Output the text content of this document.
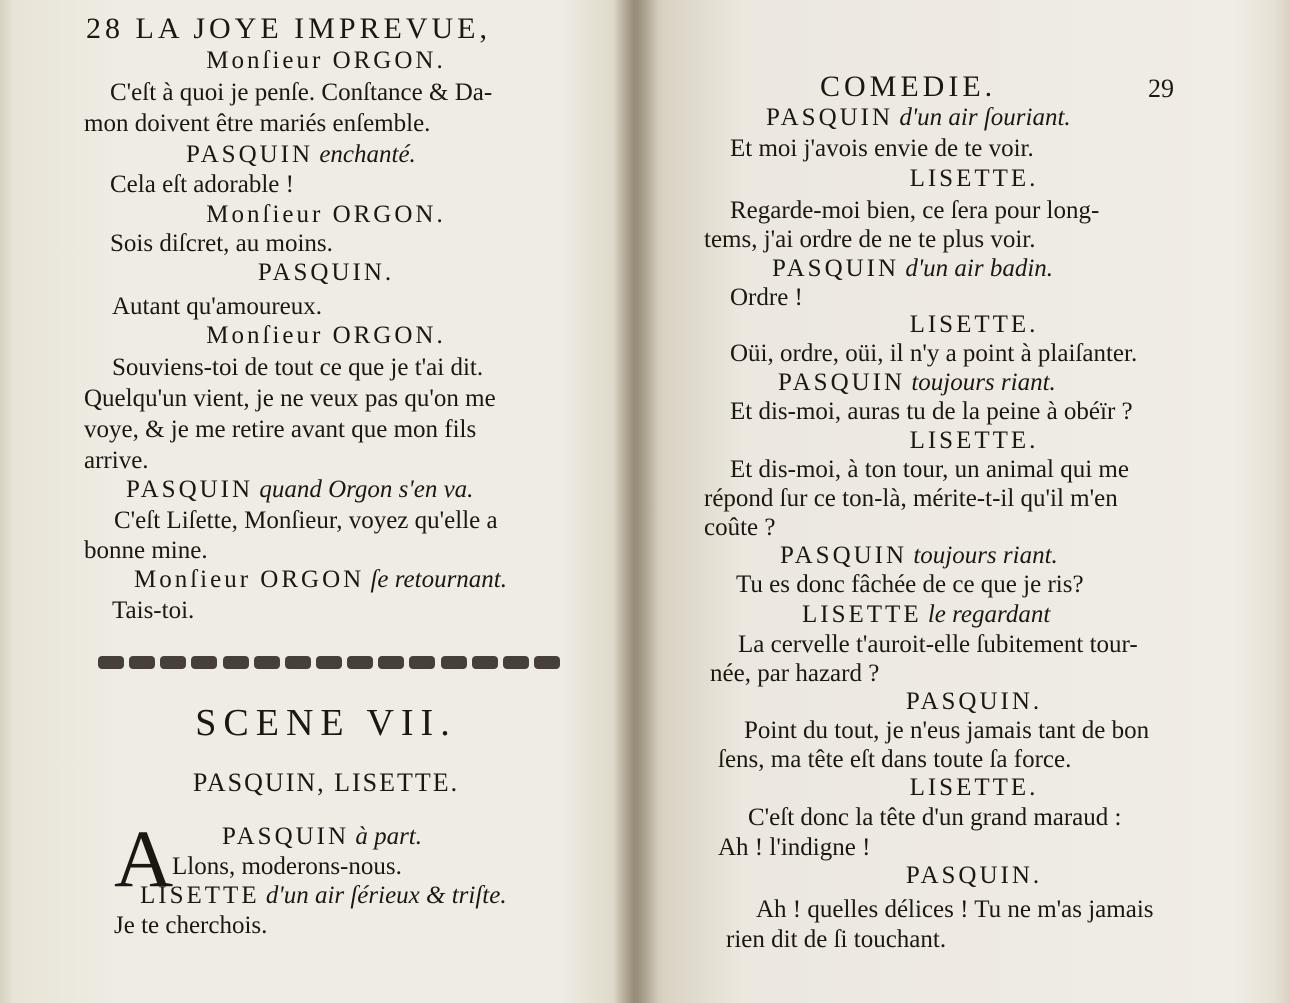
28 LA JOYE IMPREVUE,
Monſieur ORGON.
C'eſt à quoi je penſe. Conſtance & Da-
mon doivent être mariés enſemble.
PASQUIN enchanté.
Cela eſt adorable !
Monſieur ORGON.
Sois diſcret, au moins.
PASQUIN.
Autant qu'amoureux.
Monſieur ORGON.
Souviens-toi de tout ce que je t'ai dit.
Quelqu'un vient, je ne veux pas qu'on me
voye, & je me retire avant que mon fils
arrive.
PASQUIN quand Orgon s'en va.
C'eſt Liſette, Monſieur, voyez qu'elle a
bonne mine.
Monſieur ORGON ſe retournant.
Tais-toi.
SCENE VII.
PASQUIN, LISETTE.
A PASQUIN à part.
Llons, moderons-nous.
LISETTE d'un air ſérieux & triſte.
Je te cherchois.
COMEDIE.	29
PASQUIN d'un air ſouriant.
Et moi j'avois envie de te voir.
LISETTE.
Regarde-moi bien, ce ſera pour long-
tems, j'ai ordre de ne te plus voir.
PASQUIN d'un air badin.
Ordre !
LISETTE.
Oüi, ordre, oüi, il n'y a point à plaiſanter.
PASQUIN toujours riant.
Et dis-moi, auras tu de la peine à obéïr ?
LISETTE.
Et dis-moi, à ton tour, un animal qui me
répond ſur ce ton-là, mérite-t-il qu'il m'en
coûte ?
PASQUIN toujours riant.
Tu es donc fâchée de ce que je ris?
LISETTE le regardant
La cervelle t'auroit-elle ſubitement tour-
née, par hazard ?
PASQUIN.
Point du tout, je n'eus jamais tant de bon
ſens, ma tête eſt dans toute ſa force.
LISETTE.
C'eſt donc la tête d'un grand maraud :
Ah ! l'indigne !
PASQUIN.
Ah ! quelles délices ! Tu ne m'as jamais
rien dit de ſi touchant.
